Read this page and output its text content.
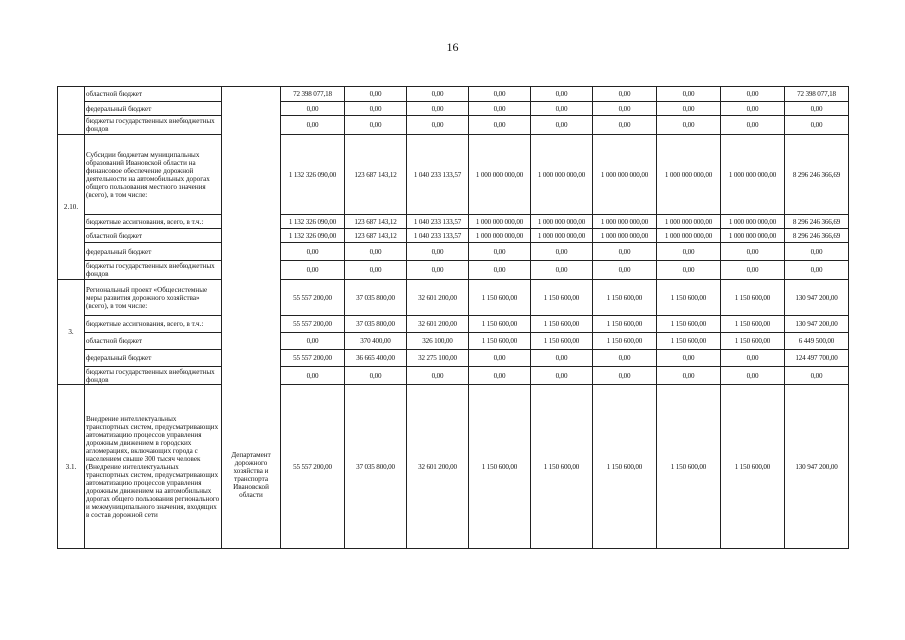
16
	областной бюджет	Департамент дорожного хозяйства и транспорта Ивановской области	72 398 077,18	0,00	0,00	0,00	0,00	0,00	0,00	0,00	72 398 077,18
	федеральный бюджет		0,00	0,00	0,00	0,00	0,00	0,00	0,00	0,00	0,00
	бюджеты государственных внебюджетных фондов		0,00	0,00	0,00	0,00	0,00	0,00	0,00	0,00	0,00
2.10.	Субсидии бюджетам муниципальных образований Ивановской области на финансовое обеспечение дорожной деятельности на автомобильных дорогах общего пользования местного значения (всего), в том числе:		1 132 326 090,00	123 687 143,12	1 040 233 133,57	1 000 000 000,00	1 000 000 000,00	1 000 000 000,00	1 000 000 000,00	1 000 000 000,00	8 296 246 366,69
	бюджетные ассигнования, всего, в т.ч.:		1 132 326 090,00	123 687 143,12	1 040 233 133,57	1 000 000 000,00	1 000 000 000,00	1 000 000 000,00	1 000 000 000,00	1 000 000 000,00	8 296 246 366,69
	областной бюджет		1 132 326 090,00	123 687 143,12	1 040 233 133,57	1 000 000 000,00	1 000 000 000,00	1 000 000 000,00	1 000 000 000,00	1 000 000 000,00	8 296 246 366,69
	федеральный бюджет		0,00	0,00	0,00	0,00	0,00	0,00	0,00	0,00	0,00
	бюджеты государственных внебюджетных фондов		0,00	0,00	0,00	0,00	0,00	0,00	0,00	0,00	0,00
3.	Региональный проект «Общесистемные меры развития дорожного хозяйства» (всего), в том числе:		55 557 200,00	37 035 800,00	32 601 200,00	1 150 600,00	1 150 600,00	1 150 600,00	1 150 600,00	1 150 600,00	130 947 200,00
	бюджетные ассигнования, всего, в т.ч.:		55 557 200,00	37 035 800,00	32 601 200,00	1 150 600,00	1 150 600,00	1 150 600,00	1 150 600,00	1 150 600,00	130 947 200,00
	областной бюджет		0,00	370 400,00	326 100,00	1 150 600,00	1 150 600,00	1 150 600,00	1 150 600,00	1 150 600,00	6 449 500,00
	федеральный бюджет		55 557 200,00	36 665 400,00	32 275 100,00	0,00	0,00	0,00	0,00	0,00	124 497 700,00
	бюджеты государственных внебюджетных фондов		0,00	0,00	0,00	0,00	0,00	0,00	0,00	0,00	0,00
3.1.	Внедрение интеллектуальных транспортных систем, предусматривающих автоматизацию процессов управления дорожным движением в городских агломерациях, включающих города с населением свыше 300 тысяч человек (Внедрение интеллектуальных транспортных систем, предусматривающих автоматизацию процессов управления дорожным движением на автомобильных дорогах общего пользования регионального и межмуниципального значения, входящих в состав дорожной сети		55 557 200,00	37 035 800,00	32 601 200,00	1 150 600,00	1 150 600,00	1 150 600,00	1 150 600,00	1 150 600,00	130 947 200,00
